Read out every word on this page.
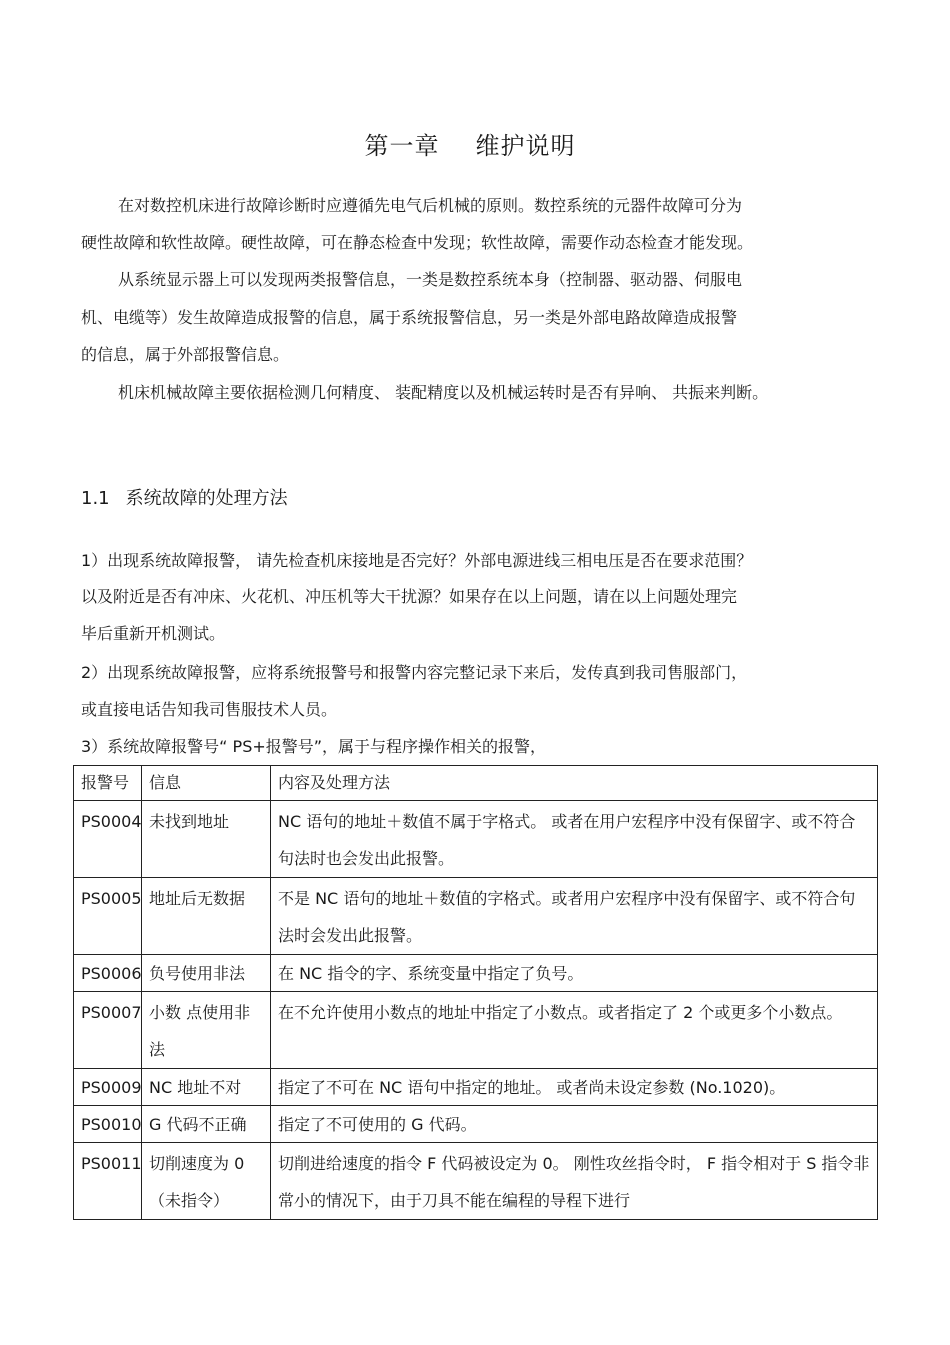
第一章 维护说明
在对数控机床进行故障诊断时应遵循先电气后机械的原则。数控系统的元器件故障可分为
硬性故障和软性故障。硬性故障，可在静态检查中发现；软性故障，需要作动态检查才能发现。
从系统显示器上可以发现两类报警信息，一类是数控系统本身（控制器、驱动器、伺服电
机、电缆等）发生故障造成报警的信息，属于系统报警信息，另一类是外部电路故障造成报警
的信息，属于外部报警信息。
机床机械故障主要依据检测几何精度、 装配精度以及机械运转时是否有异响、 共振来判断。
1.1 系统故障的处理方法
1）出现系统故障报警， 请先检查机床接地是否完好？外部电源进线三相电压是否在要求范围？
以及附近是否有冲床、火花机、冲压机等大干扰源？如果存在以上问题，请在以上问题处理完
毕后重新开机测试。
2）出现系统故障报警，应将系统报警号和报警内容完整记录下来后，发传真到我司售服部门，
或直接电话告知我司售服技术人员。
3）系统故障报警号“ PS+报警号”，属于与程序操作相关的报警，
报警号	信息	内容及处理方法
PS0004	未找到地址	NC 语句的地址＋数值不属于字格式。 或者在用户宏程序中没有保留字、或不符合句法时也会发出此报警。
PS0005	地址后无数据	不是 NC 语句的地址＋数值的字格式。或者用户宏程序中没有保留字、或不符合句法时会发出此报警。
PS0006	负号使用非法	在 NC 指令的字、系统变量中指定了负号。
PS0007	小数 点使用非法	在不允许使用小数点的地址中指定了小数点。或者指定了 2 个或更多个小数点。
PS0009	NC 地址不对	指定了不可在 NC 语句中指定的地址。 或者尚未设定参数 (No.1020)。
PS0010	G 代码不正确	指定了不可使用的 G 代码。
PS0011	切削速度为 0（未指令）	切削进给速度的指令 F 代码被设定为 0。 刚性攻丝指令时， F 指令相对于 S 指令非常小的情况下，由于刀具不能在编程的导程下进行
